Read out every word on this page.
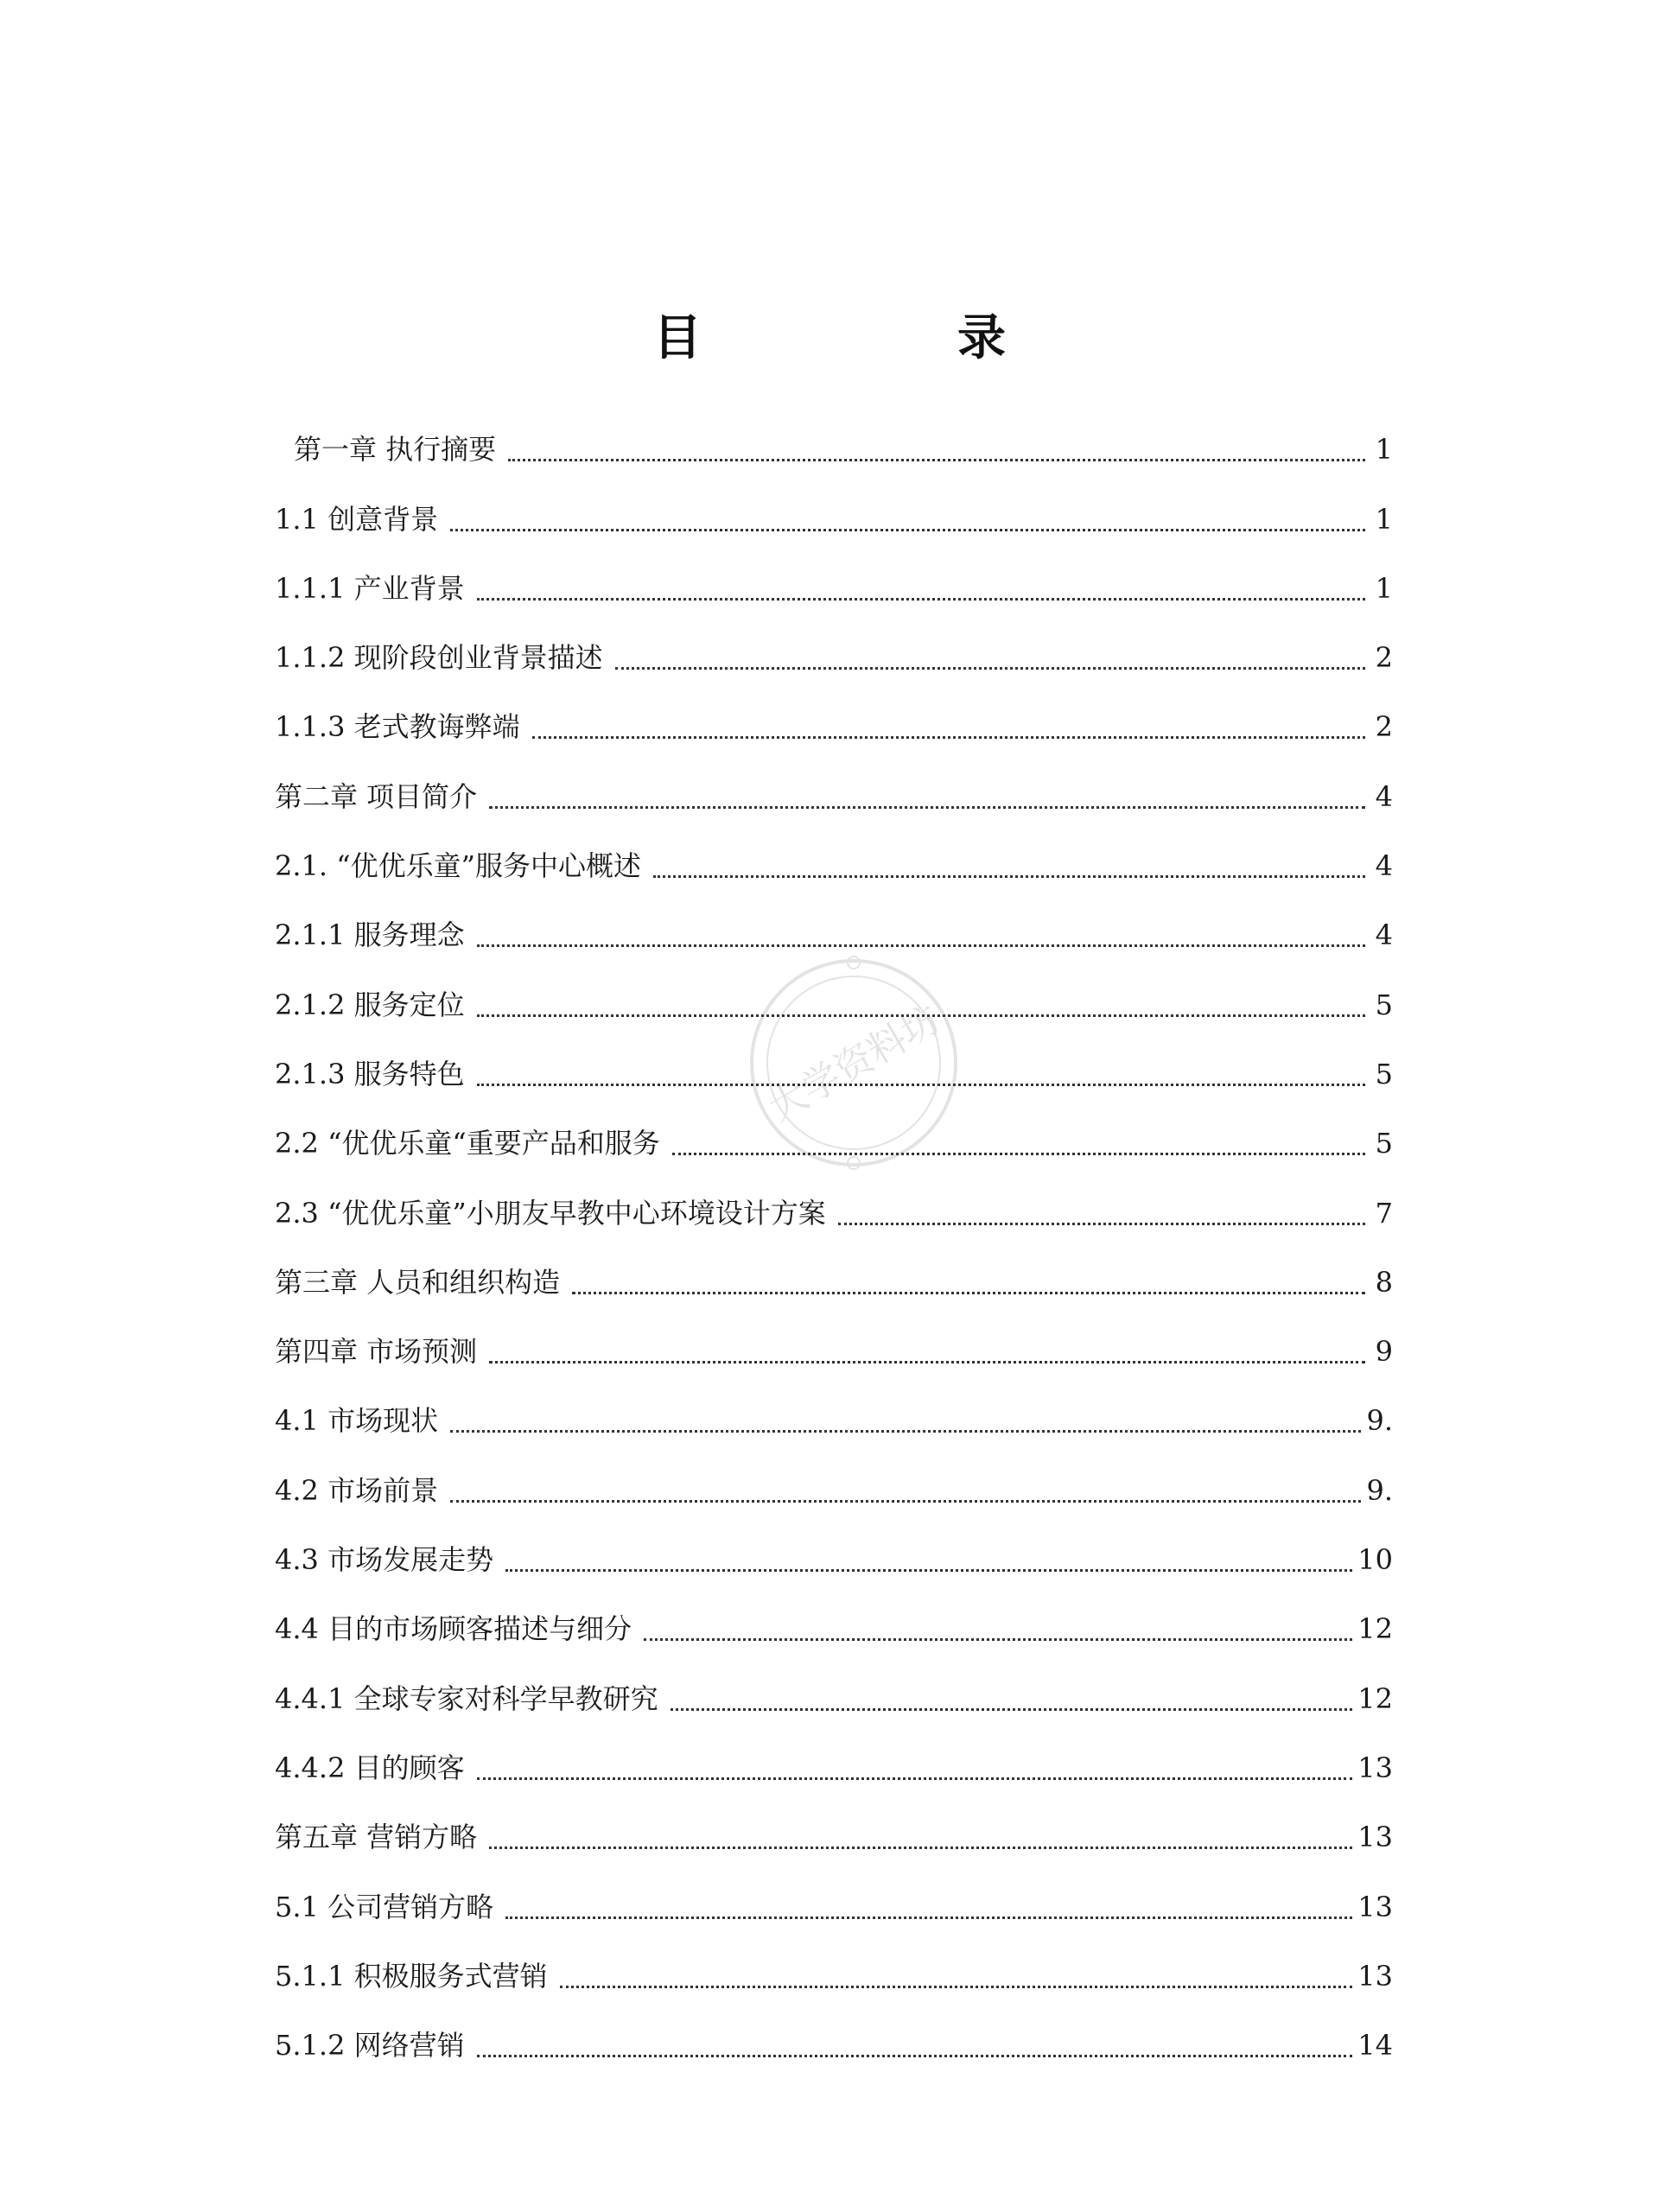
目　录
第一章 执行摘要	1
1.1 创意背景	1
1.1.1 产业背景	1
1.1.2 现阶段创业背景描述	2
1.1.3 老式教诲弊端	2
第二章 项目简介	4
2.1. “优优乐童”服务中心概述	4
2.1.1 服务理念	4
2.1.2 服务定位	5
2.1.3 服务特色	5
2.2 “优优乐童“重要产品和服务	5
2.3 “优优乐童”小朋友早教中心环境设计方案	7
第三章 人员和组织构造	8
第四章 市场预测	9
4.1 市场现状	9.
4.2 市场前景	9.
4.3 市场发展走势	10
4.4 目的市场顾客描述与细分	12
4.4.1 全球专家对科学早教研究	12
4.4.2 目的顾客	13
第五章 营销方略	13
5.1 公司营销方略	13
5.1.1 积极服务式营销	13
5.1.2 网络营销	14
大学资料坊
